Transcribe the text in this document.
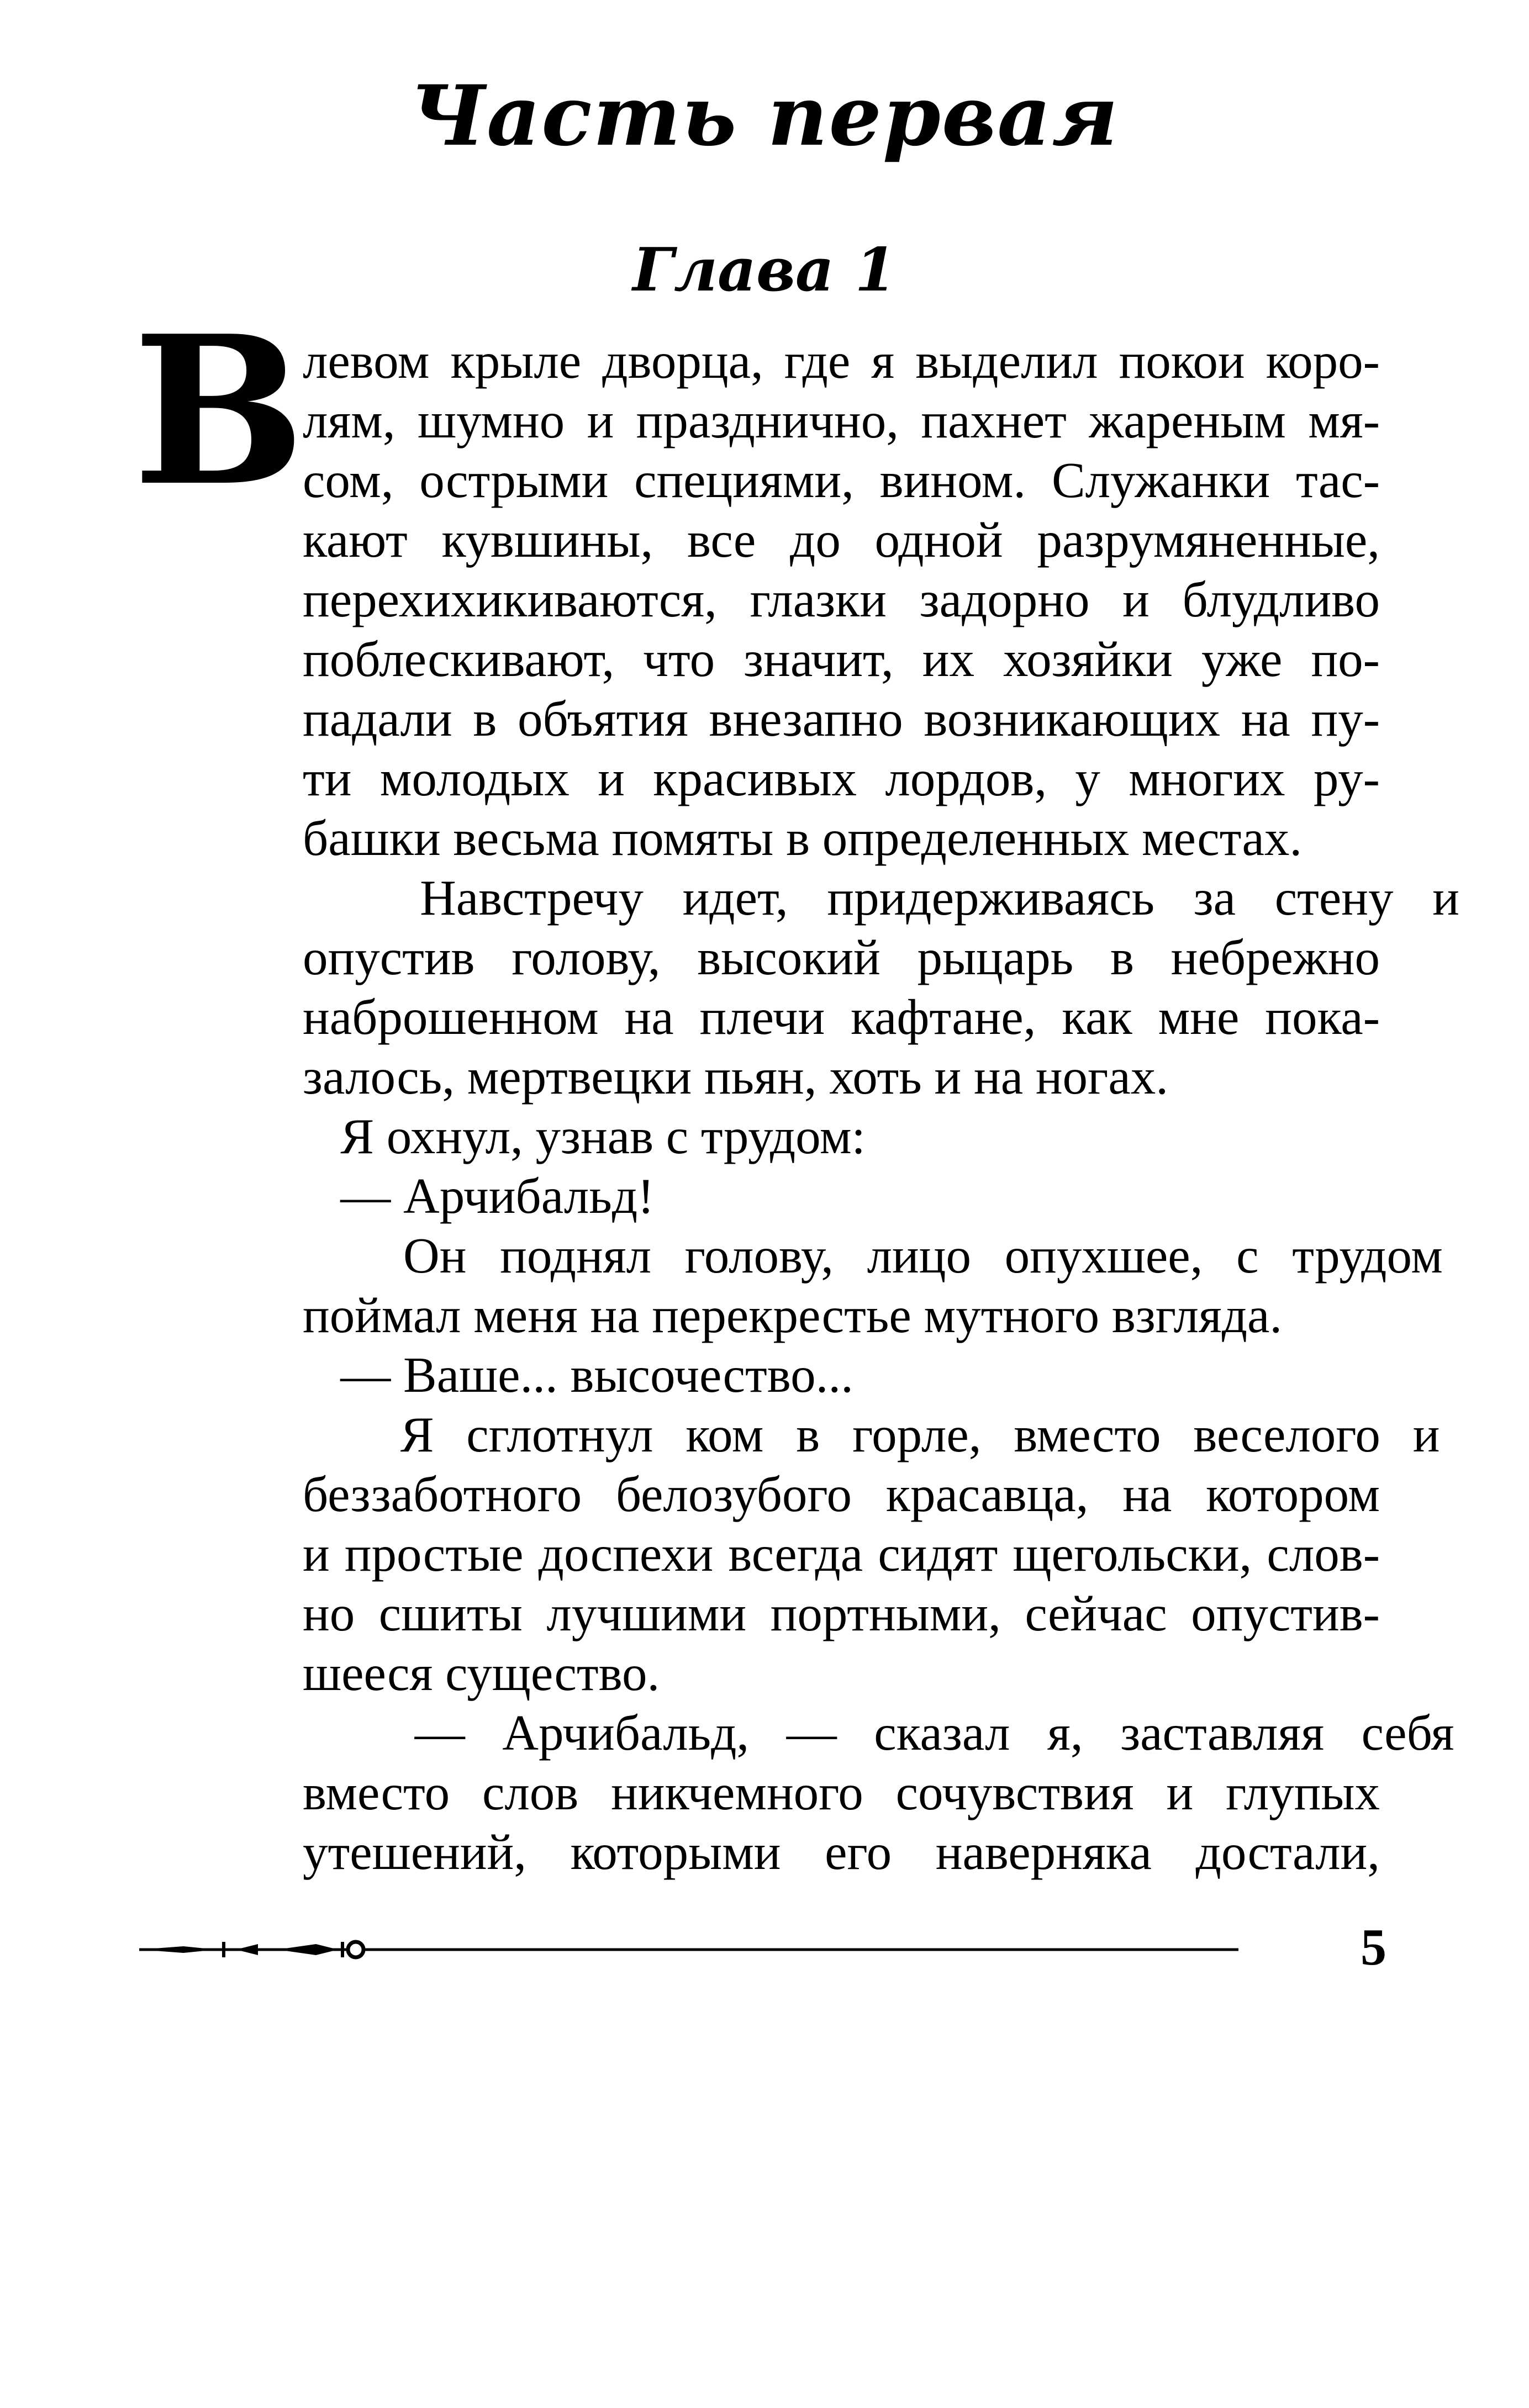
Часть первая
Глава 1
В
левом крыле дворца, где я выделил покои коро-
лям, шумно и празднично, пахнет жареным мя-
сом, острыми специями, вином. Служанки тас-
кают кувшины, все до одной разрумяненные,
перехихикиваются, глазки задорно и блудливо
поблескивают, что значит, их хозяйки уже по-
падали в объятия внезапно возникающих на пу-
ти молодых и красивых лордов, у многих ру-
башки весьма помяты в определенных местах.
Навстречу идет, придерживаясь за стену и
опустив голову, высокий рыцарь в небрежно
наброшенном на плечи кафтане, как мне пока-
залось, мертвецки пьян, хоть и на ногах.
Я охнул, узнав с трудом:
— Арчибальд!
Он поднял голову, лицо опухшее, с трудом
поймал меня на перекрестье мутного взгляда.
— Ваше... высочество...
Я сглотнул ком в горле, вместо веселого и
беззаботного белозубого красавца, на котором
и простые доспехи всегда сидят щегольски, слов-
но сшиты лучшими портными, сейчас опустив-
шееся существо.
— Арчибальд, — сказал я, заставляя себя
вместо слов никчемного сочувствия и глупых
утешений, которыми его наверняка достали,
5
